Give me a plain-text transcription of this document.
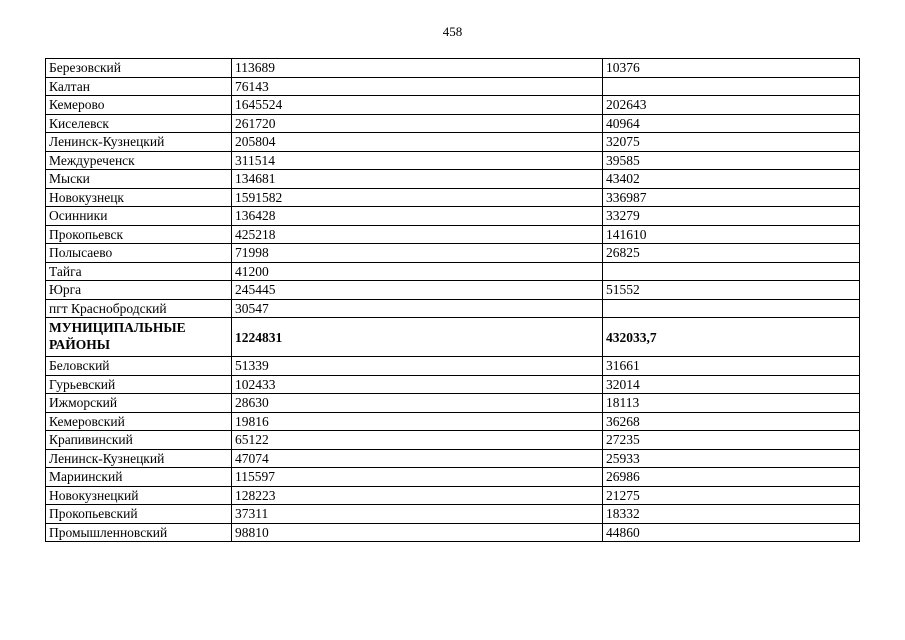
458
Березовский	113689	10376
Калтан	76143	
Кемерово	1645524	202643
Киселевск	261720	40964
Ленинск-Кузнецкий	205804	32075
Междуреченск	311514	39585
Мыски	134681	43402
Новокузнецк	1591582	336987
Осинники	136428	33279
Прокопьевск	425218	141610
Полысаево	71998	26825
Тайга	41200	
Юрга	245445	51552
пгт Краснобродский	30547	
МУНИЦИПАЛЬНЫЕ РАЙОНЫ	1224831	432033,7
Беловский	51339	31661
Гурьевский	102433	32014
Ижморский	28630	18113
Кемеровский	19816	36268
Крапивинский	65122	27235
Ленинск-Кузнецкий	47074	25933
Мариинский	115597	26986
Новокузнецкий	128223	21275
Прокопьевский	37311	18332
Промышленновский	98810	44860
